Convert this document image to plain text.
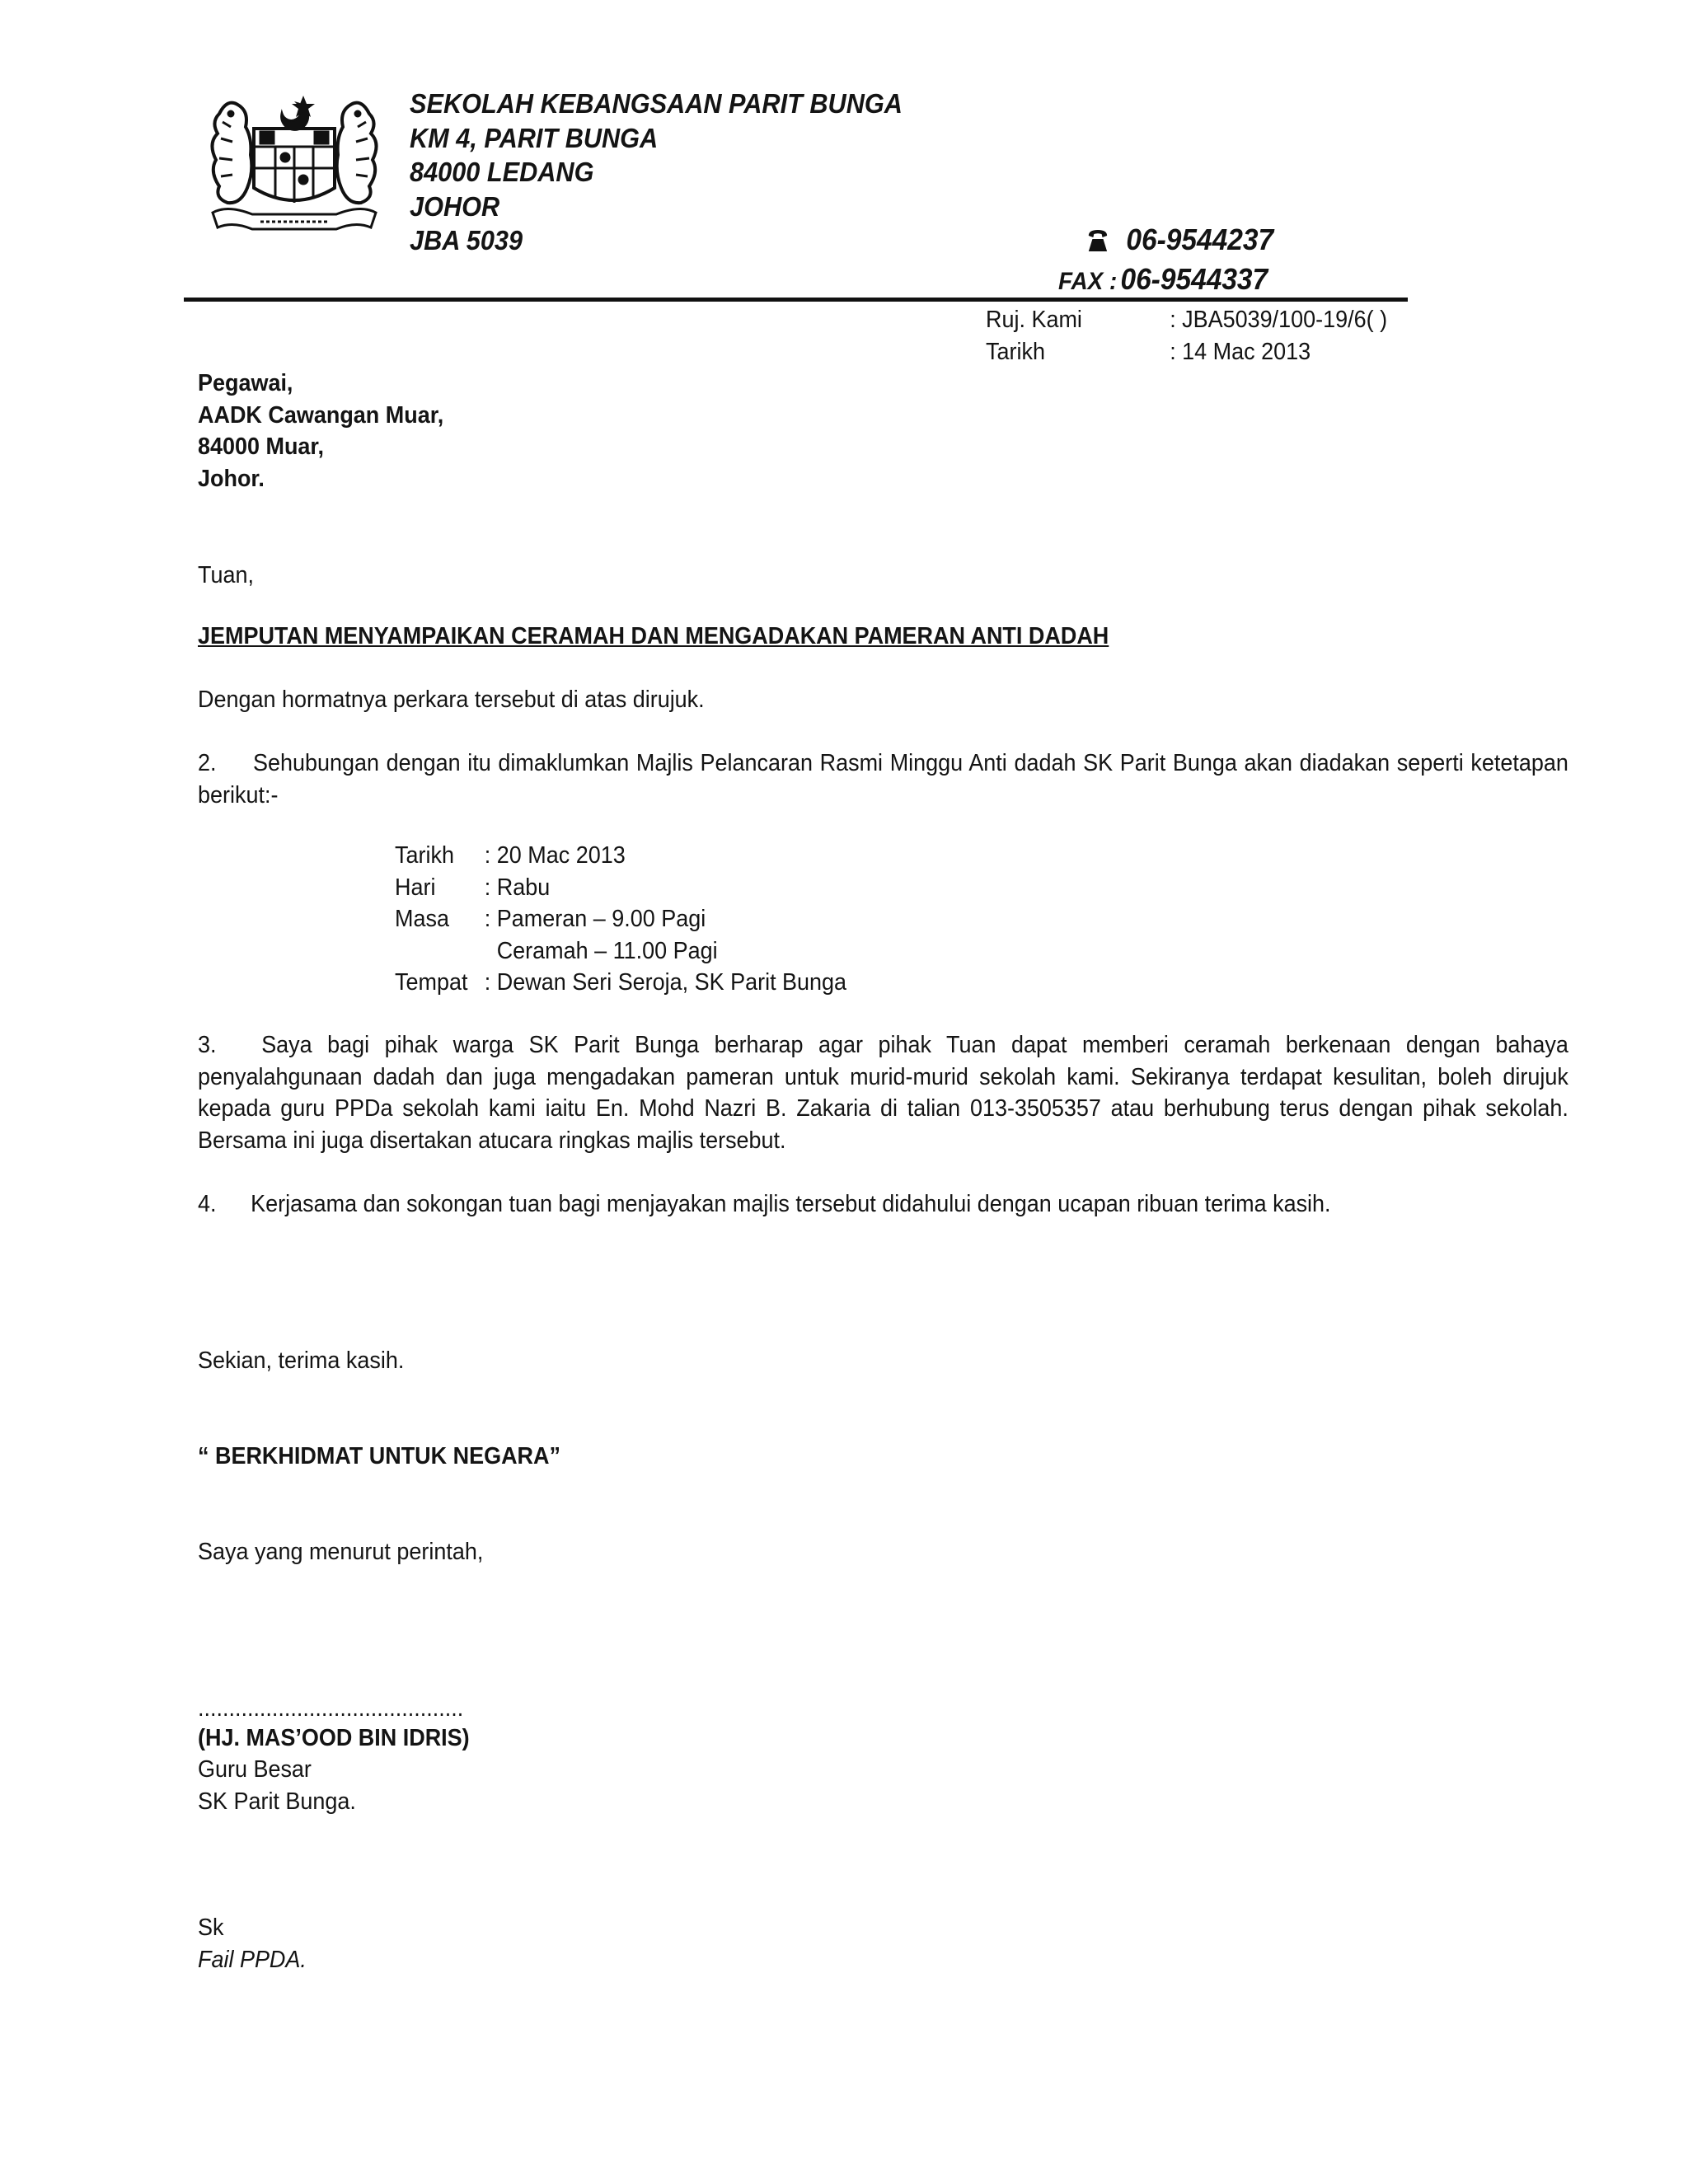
SEKOLAH KEBANGSAAN PARIT BUNGA
KM 4, PARIT BUNGA
84000 LEDANG
JOHOR
JBA 5039	06-9544237
FAX : 06-9544337
Ruj. Kami	: JBA5039/100-19/6( )
Tarikh	: 14 Mac 2013
Pegawai,
AADK Cawangan Muar,
84000 Muar,
Johor.
Tuan,
JEMPUTAN MENYAMPAIKAN CERAMAH DAN MENGADAKAN PAMERAN ANTI DADAH
Dengan hormatnya perkara tersebut di atas dirujuk.
2. Sehubungan dengan itu dimaklumkan Majlis Pelancaran Rasmi Minggu Anti dadah SK Parit Bunga akan diadakan seperti ketetapan berikut:-
Tarikh : 20 Mac 2013
Hari : Rabu
Masa : Pameran – 9.00 Pagi
Ceramah – 11.00 Pagi
Tempat : Dewan Seri Seroja, SK Parit Bunga
3. Saya bagi pihak warga SK Parit Bunga berharap agar pihak Tuan dapat memberi ceramah berkenaan dengan bahaya penyalahgunaan dadah dan juga mengadakan pameran untuk murid-murid sekolah kami. Sekiranya terdapat kesulitan, boleh dirujuk kepada guru PPDa sekolah kami iaitu En. Mohd Nazri B. Zakaria di talian 013-3505357 atau berhubung terus dengan pihak sekolah. Bersama ini juga disertakan atucara ringkas majlis tersebut.
4. Kerjasama dan sokongan tuan bagi menjayakan majlis tersebut didahului dengan ucapan ribuan terima kasih.
Sekian, terima kasih.
“ BERKHIDMAT UNTUK NEGARA”
Saya yang menurut perintah,
...........................................
(HJ. MAS’OOD BIN IDRIS)
Guru Besar
SK Parit Bunga.
Sk
Fail PPDA.
